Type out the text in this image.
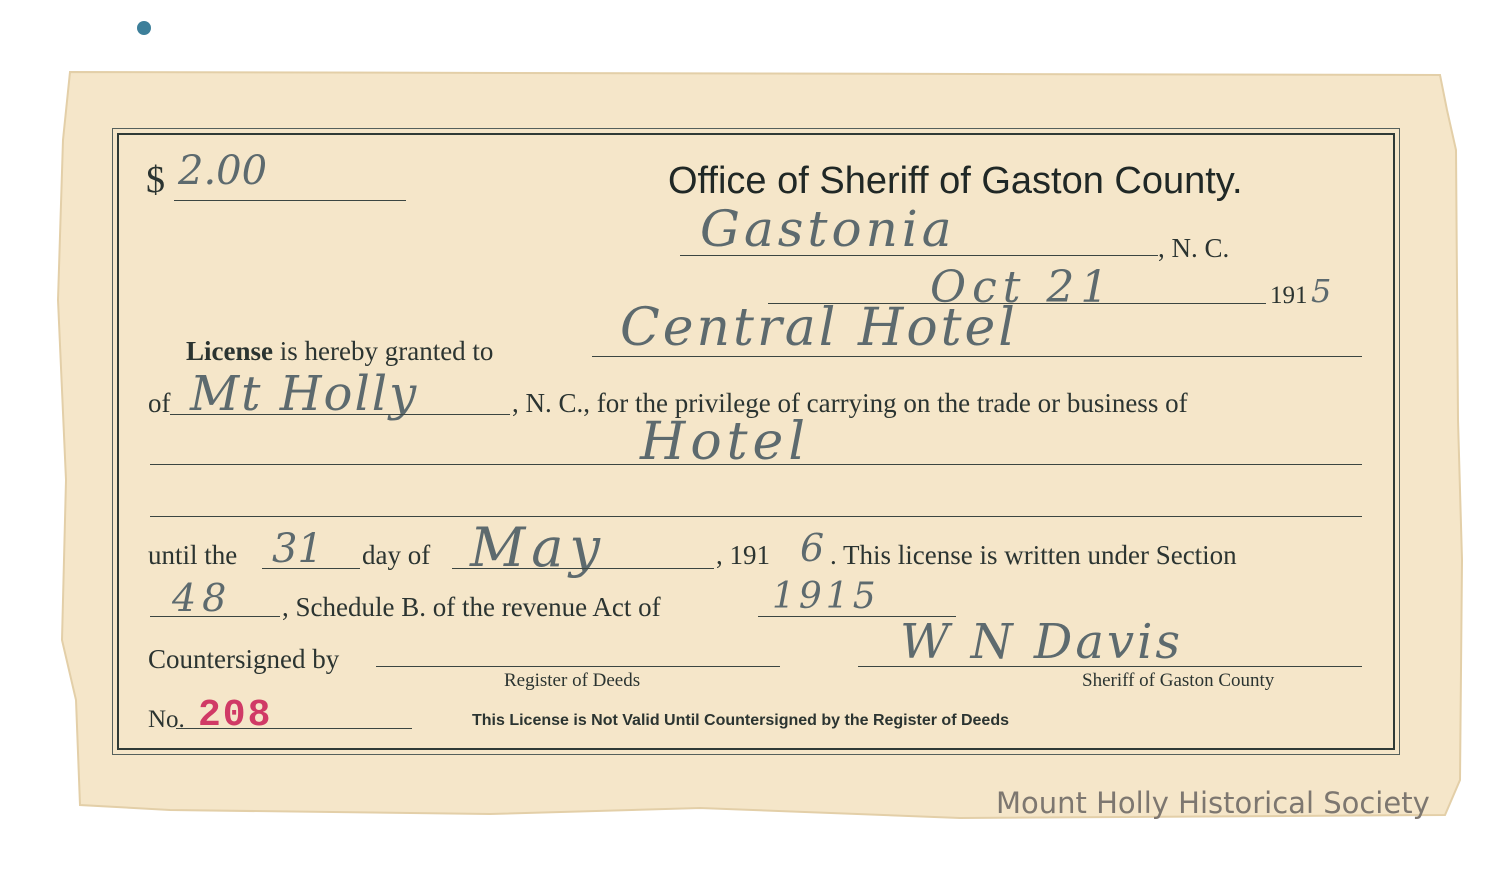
$ 2.00	Office of Sheriff of Gaston County.
Gastonia	, N. C.
Oct 21	191 5
License is hereby granted to Central Hotel
of Mt Holly	, N. C., for the privilege of carrying on the trade or business of
Hotel
until the 31 day of May	, 191 6 . This license is written under Section
48 , Schedule B. of the revenue Act of	1915
Countersigned by
Register of Deeds
W N Davis
Sheriff of Gaston County
No. 208	This License is Not Valid Until Countersigned by the Register of Deeds
Mount Holly Historical Society
